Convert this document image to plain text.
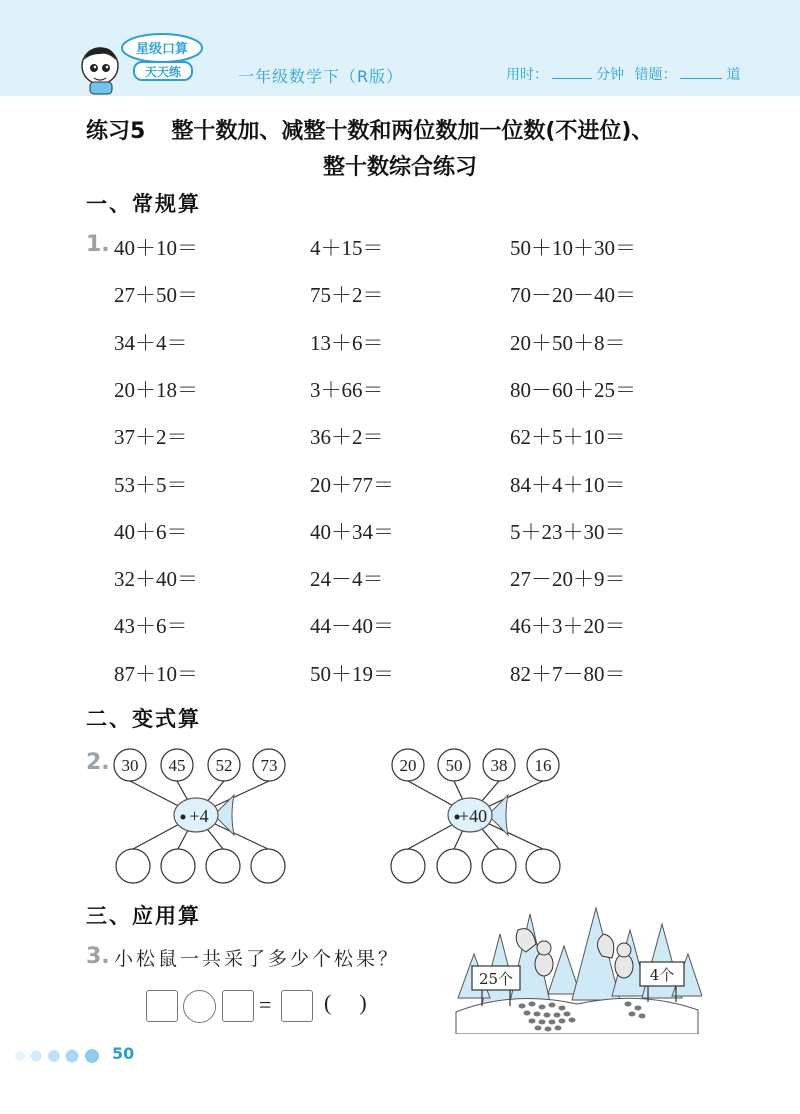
星级口算
天天练	一年级数学下（R版）	用时：	分钟 错题：	道
练习5 整十数加、减整十数和两位数加一位数(不进位)、
整十数综合练习
一、常规算
1. 40＋10＝	4＋15＝	50＋10＋30＝
27＋50＝	75＋2＝	70－20－40＝
34＋4＝	13＋6＝	20＋50＋8＝
20＋18＝	3＋66＝	80－60＋25＝
37＋2＝	36＋2＝	62＋5＋10＝
53＋5＝	20＋77＝	84＋4＋10＝
40＋6＝	40＋34＝	5＋23＋30＝
32＋40＝	24－4＝	27－20＋9＝
43＋6＝	44－40＝	46＋3＋20＝
87＋10＝	50＋19＝	82＋7－80＝
二、变式算
2.
+4
30 45 52 73
+40
20 50 38 16
三、应用算
3. 小松鼠一共采了多少个松果？
= ()
25个	4个
50
